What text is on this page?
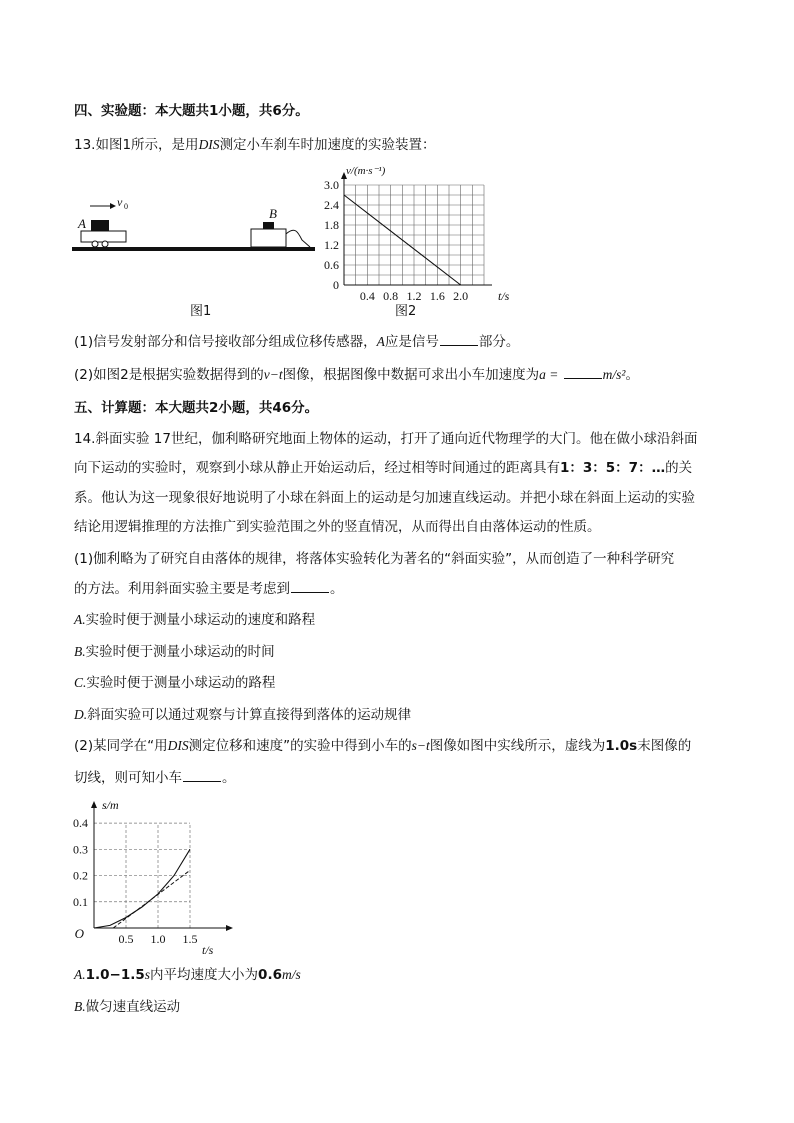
四、实验题：本大题共1小题，共6分。
13.如图1所示，是用DIS测定小车刹车时加速度的实验装置：
v 0
A
B
图1
0
0.6
1.2
1.8
2.4
3.0
0.4 0.8 1.2 1.6 2.0 t/s
v/(m·s⁻¹)
图2
(1)信号发射部分和信号接收部分组成位移传感器，A应是信号	部分。
(2)如图2是根据实验数据得到的v−t图像，根据图像中数据可求出小车加速度为a =	m/s²。
五、计算题：本大题共2小题，共46分。
14.斜面实验 17世纪，伽利略研究地面上物体的运动，打开了通向近代物理学的大门。他在做小球沿斜面
向下运动的实验时，观察到小球从静止开始运动后，经过相等时间通过的距离具有1：3：5：7：…的关
系。他认为这一现象很好地说明了小球在斜面上的运动是匀加速直线运动。并把小球在斜面上运动的实验
结论用逻辑推理的方法推广到实验范围之外的竖直情况，从而得出自由落体运动的性质。
(1)伽利略为了研究自由落体的规律，将落体实验转化为著名的“斜面实验”，从而创造了一种科学研究
的方法。利用斜面实验主要是考虑到	。
A.实验时便于测量小球运动的速度和路程
B.实验时便于测量小球运动的时间
C.实验时便于测量小球运动的路程
D.斜面实验可以通过观察与计算直接得到落体的运动规律
(2)某同学在“用DIS测定位移和速度”的实验中得到小车的s−t图像如图中实线所示，虚线为1.0s末图像的
切线，则可知小车	。
0.1
0.2
0.3
0.4
0.5 1.0 1.5
O
t/s
s/m
A.1.0−1.5s内平均速度大小为0.6m/s
B.做匀速直线运动
